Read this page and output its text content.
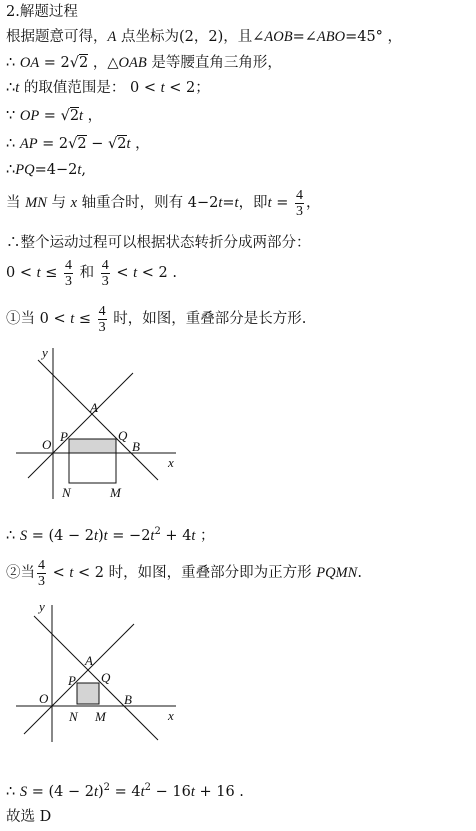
2.解题过程
根据题意可得，A 点坐标为(2，2)，且∠AOB=∠ABO=45° ，
∴ OA = 2√2 ，△OAB 是等腰直角三角形，
∴t 的取值范围是： 0 < t < 2；
∵ OP = √2t ，
∴ AP = 2√2 − √2t ，
∴PQ=4−2t,
当 MN 与 x 轴重合时，则有 4−2t=t，即$t = \frac{4}{3}$ ，
∴整个运动过程可以根据状态转折分成两部分：
$0 < t \le \frac{4}{3}$ 和 $\frac{4}{3} < t < 2$ .
①当 $0 < t \le \frac{4}{3}$ 时，如图，重叠部分是长方形.
y
A
P	Q
O	B
x
N	M
∴ $S = (4 - 2t)t = -2t^2 + 4t$ ；
②当 $\frac{4}{3} < t < 2$ 时，如图，重叠部分即为正方形 PQMN.
y
A
P Q
O
N M
B
x
∴ $S = (4 - 2t)^2 = 4t^2 - 16t + 16$ .
故选 D
